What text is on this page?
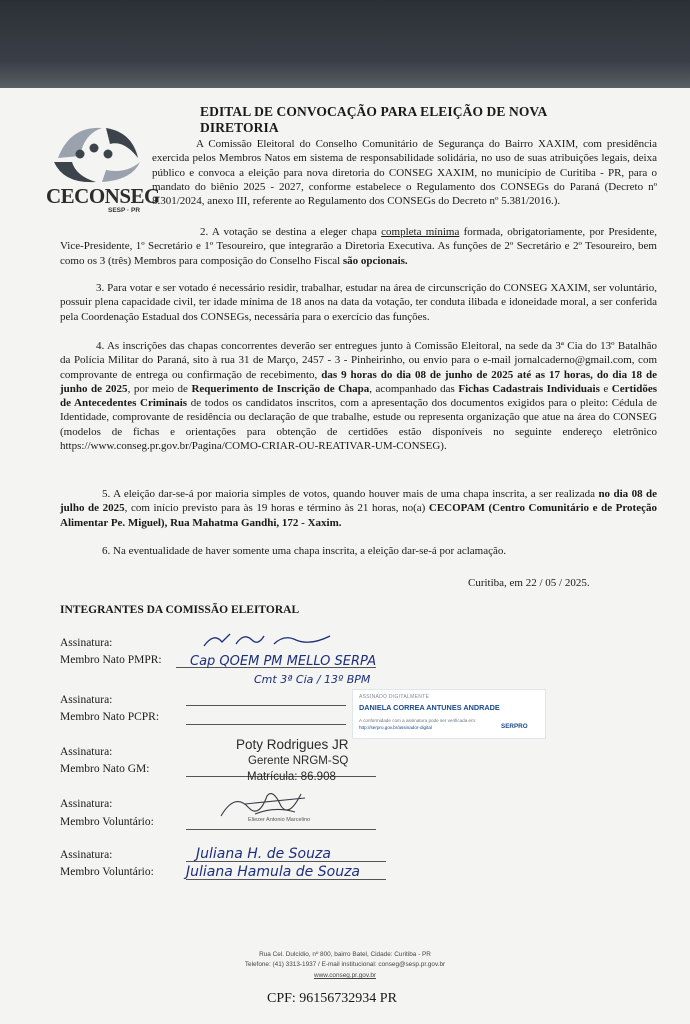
CECONSEG
SESP · PR
EDITAL DE CONVOCAÇÃO PARA ELEIÇÃO DE NOVA DIRETORIA

A Comissão Eleitoral do Conselho Comunitário de Segurança do Bairro XAXIM, com presidência exercida pelos Membros Natos em sistema de responsabilidade solidária, no uso de suas atribuições legais, deixa público e convoca a eleição para nova diretoria do CONSEG XAXIM, no município de Curitiba - PR, para o mandato do biênio 2025 - 2027, conforme estabelece o Regulamento dos CONSEGs do Paraná (Decreto nº 8.301/2024, anexo III, referente ao Regulamento dos CONSEGs do Decreto nº 5.381/2016.).

2. A votação se destina a eleger chapa completa mínima formada, obrigatoriamente, por Presidente, Vice-Presidente, 1º Secretário e 1º Tesoureiro, que integrarão a Diretoria Executiva. As funções de 2º Secretário e 2º Tesoureiro, bem como os 3 (três) Membros para composição do Conselho Fiscal são opcionais.

3. Para votar e ser votado é necessário residir, trabalhar, estudar na área de circunscrição do CONSEG XAXIM, ser voluntário, possuir plena capacidade civil, ter idade mínima de 18 anos na data da votação, ter conduta ilibada e idoneidade moral, a ser conferida pela Coordenação Estadual dos CONSEGs, necessária para o exercício das funções.

4. As inscrições das chapas concorrentes deverão ser entregues junto à Comissão Eleitoral, na sede da 3ª Cia do 13º Batalhão da Polícia Militar do Paraná, sito à rua 31 de Março, 2457 - 3 - Pinheirinho, ou envio para o e-mail jornalcaderno@gmail.com, com comprovante de entrega ou confirmação de recebimento, das 9 horas do dia 08 de junho de 2025 até as 17 horas, do dia 18 de junho de 2025, por meio de Requerimento de Inscrição de Chapa, acompanhado das Fichas Cadastrais Individuais e Certidões de Antecedentes Criminais de todos os candidatos inscritos, com a apresentação dos documentos exigidos para o pleito: Cédula de Identidade, comprovante de residência ou declaração de que trabalhe, estude ou representa organização que atue na área do CONSEG (modelos de fichas e orientações para obtenção de certidões estão disponíveis no seguinte endereço eletrônico https://www.conseg.pr.gov.br/Pagina/COMO-CRIAR-OU-REATIVAR-UM-CONSEG).

5. A eleição dar-se-á por maioria simples de votos, quando houver mais de uma chapa inscrita, a ser realizada no dia 08 de julho de 2025, com início previsto para às 19 horas e término às 21 horas, no(a) CECOPAM (Centro Comunitário e de Proteção Alimentar Pe. Miguel), Rua Mahatma Gandhi, 172 - Xaxim.

6. Na eventualidade de haver somente uma chapa inscrita, a eleição dar-se-á por aclamação.

Curitiba, em 22 / 05 / 2025.
INTEGRANTES DA COMISSÃO ELEITORAL
Assinatura:
Membro Nato PMPR: Cap QOEM PM MELLO SERPA
Cmt 3ª Cia / 13º BPM
Assinatura:
Membro Nato PCPR:
ASSINADO DIGITALMENTE
DANIELA CORREA ANTUNES ANDRADE
A conformidade com a assinatura pode ser verificada em:
http://serpro.gov.br/assinador-digital	SERPRO
Assinatura:
Membro Nato GM:
Poty Rodrigues JR
Gerente NRGM-SQ
Matrícula: 86.908
Assinatura:
Membro Voluntário:	Eliezer Antonio Marcelino
Assinatura:
Membro Voluntário:
Juliana H. de Souza
Juliana Hamula de Souza
Rua Cel. Dulcídio, nº 800, bairro Batel, Cidade: Curitiba - PR
Telefone: (41) 3313-1937 / E-mail institucional: conseg@sesp.pr.gov.br
www.conseg.pr.gov.br
CPF: 96156732934 PR
